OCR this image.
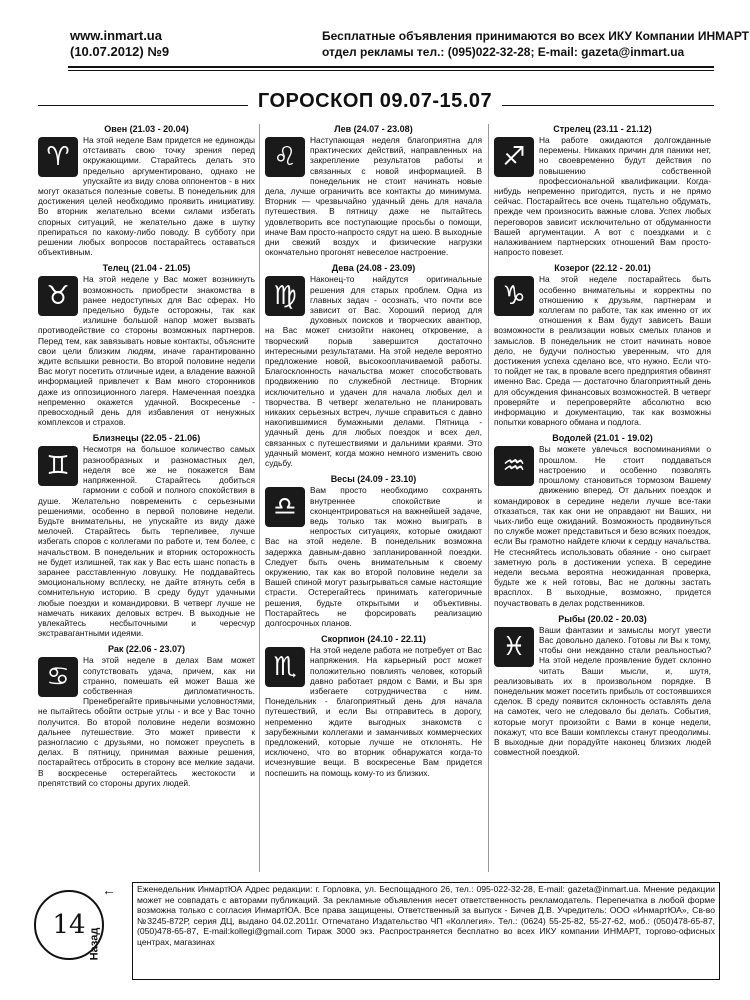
www.inmart.ua
(10.07.2012) №9
Бесплатные объявления принимаются во всех ИКУ Компании ИНМАРТ
отдел рекламы тел.: (095)022-32-28; E-mail: gazeta@inmart.ua
ГОРОСКОП 09.07-15.07
Овен (21.03 - 20.04)
♈

На этой неделе Вам придется не единожды отстаивать свою точку зрения перед окружающими. Старайтесь делать это предельно аргументировано, однако не упускайте из виду слова оппонентов - в них могут оказаться полезные советы. В понедельник для достижения целей необходимо проявить инициативу. Во вторник желательно всеми силами избегать спорных ситуаций, не желательно даже в шутку препираться по какому-либо поводу. В субботу при решении любых вопросов постарайтесь оставаться объективным.

Телец (21.04 - 21.05)
♉

На этой неделе у Вас может возникнуть возможность приобрести знакомства в ранее недоступных для Вас сферах. Но предельно будьте осторожны, так как излишне большой напор может вызвать противодействие со стороны возможных партнеров. Перед тем, как завязывать новые контакты, объясните свои цели близким людям, иначе гарантированно ждите вспышки ревности. Во второй половине недели Вас могут посетить отличные идеи, а владение важной информацией привлечет к Вам много сторонников даже из оппозиционного лагеря. Намеченная поездка непременно окажется удачной. Воскресенье - превосходный день для избавления от ненужных комплексов и страхов.

Близнецы (22.05 - 21.06)
♊

Несмотря на большое количество самых разнообразных и разномастных дел, неделя все же не покажется Вам напряженной. Старайтесь добиться гармонии с собой и полного спокойствия в душе. Желательно повременить с серьезными решениями, особенно в первой половине недели. Будьте внимательны, не упускайте из виду даже мелочей. Старайтесь быть терпеливее, лучше избегать споров с коллегами по работе и, тем более, с начальством. В понедельник и вторник осторожность не будет излишней, так как у Вас есть шанс попасть в заранее расставленную ловушку. Не поддавайтесь эмоциональному всплеску, не дайте втянуть себя в сомнительную историю. В среду будут удачными любые поездки и командировки. В четверг лучше не намечать никаких деловых встреч. В выходные не увлекайтесь несбыточными и чересчур экстравагантными идеями.

Рак (22.06 - 23.07)
♋

На этой неделе в делах Вам может сопутствовать удача, причем, как ни странно, помешать ей может Ваша же собственная дипломатичность. Пренебрегайте привычными условностями, не пытайтесь обойти острые углы - и все у Вас точно получится. Во второй половине недели возможно дальнее путешествие. Это может привести к разногласию с друзьями, но поможет преуспеть в делах. В пятницу, принимая важные решения, постарайтесь отбросить в сторону все мелкие задачи. В воскресенье остерегайтесь жестокости и препятствий со стороны других людей.

Лев (24.07 - 23.08)
♌

Наступающая неделя благоприятна для практических действий, направленных на закрепление результатов работы и связанных с новой информацией. В понедельник не стоит начинать новые дела, лучше ограничить все контакты до минимума. Вторник — чрезвычайно удачный день для начала путешествия. В пятницу даже не пытайтесь удовлетворить все поступающие просьбы о помощи, иначе Вам просто-напросто сядут на шею. В выходные дни свежий воздух и физические нагрузки окончательно прогонят невеселое настроение.

Дева (24.08 - 23.09)
♍

Наконец-то найдутся оригинальные решения для старых проблем. Одна из главных задач - осознать, что почти все зависит от Вас. Хороший период для духовных поисков и творческих авантюр, на Вас может снизойти наконец откровение, а творческий порыв завершится достаточно интересными результатами. На этой неделе вероятно предложение новой, высокооплачиваемой работы. Благосклонность начальства может способствовать продвижению по служебной лестнице. Вторник исключительно и удачен для начала любых дел и творчества. В четверг желательно не планировать никаких серьезных встреч, лучше справиться с давно накопившимися бумажными делами. Пятница - удачный день для любых поездок и всех дел, связанных с путешествиями и дальними краями. Это удачный момент, когда можно немного изменить свою судьбу.

Весы (24.09 - 23.10)
♎

Вам просто необходимо сохранять внутреннее спокойствие и сконцентрироваться на важнейшей задаче, ведь только так можно выиграть в непростых ситуациях, которые ожидают Вас на этой неделе. В понедельник возможна задержка давным-давно запланированной поездки. Следует быть очень внимательным к своему окружению, так как во второй половине недели за Вашей спиной могут разыгрываться самые настоящие страсти. Остерегайтесь принимать категоричные решения, будьте открытыми и объективны. Постарайтесь не форсировать реализацию долгосрочных планов.

Скорпион (24.10 - 22.11)
♏

На этой неделе работа не потребует от Вас напряжения. На карьерный рост может положительно повлиять человек, который давно работает рядом с Вами, и Вы зря избегаете сотрудничества с ним. Понедельник - благоприятный день для начала путешествий, и если Вы отправитесь в дорогу, непременно ждите выгодных знакомств с зарубежными коллегами и заманчивых коммерческих предложений, которые лучше не отклонять. Не исключено, что во вторник обнаружатся когда-то исчезнувшие вещи. В воскресенье Вам придется поспешить на помощь кому-то из близких.

Стрелец (23.11 - 21.12)
♐

На работе ожидаются долгожданные перемены. Никаких причин для паники нет, но своевременно будут действия по повышению собственной профессиональной квалификации. Когда-нибудь непременно пригодится, пусть и не прямо сейчас. Постарайтесь все очень тщательно обдумать, прежде чем произносить важные слова. Успех любых переговоров зависит исключительно от обдуманности Вашей аргументации. А вот с поездками и с налаживанием партнерских отношений Вам просто-напросто повезет.

Козерог (22.12 - 20.01)
♑

На этой неделе постарайтесь быть особенно внимательны и корректны по отношению к друзьям, партнерам и коллегам по работе, так как именно от их отношения к Вам будут зависеть Ваши возможности в реализации новых смелых планов и замыслов. В понедельник не стоит начинать новое дело, не будучи полностью уверенным, что для достижения успеха сделано все, что нужно. Если что-то пойдет не так, в провале всего предприятия обвинят именно Вас. Среда — достаточно благоприятный день для обсуждения финансовых возможностей. В четверг проверяйте и перепроверяйте абсолютно всю информацию и документацию, так как возможны попытки коварного обмана и подлога.

Водолей (21.01 - 19.02)
♒

Вы можете увлечься воспоминаниями о прошлом. Не стоит поддаваться настроению и особенно позволять прошлому становиться тормозом Вашему движению вперед. От дальних поездок и командировок в середине недели лучше все-таки отказаться, так как они не оправдают ни Ваших, ни чьих-либо еще ожиданий. Возможность продвинуться по службе может представиться и безо всяких поездок, если Вы грамотно найдете ключи к сердцу начальства. Не стесняйтесь использовать обаяние - оно сыграет заметную роль в достижении успеха. В середине недели весьма вероятна неожиданная проверка, будьте же к ней готовы, Вас не должны застать врасплох. В выходные, возможно, придется поучаствовать в делах родственников.

Рыбы (20.02 - 20.03)
♓

Ваши фантазии и замыслы могут увести Вас довольно далеко. Готовы ли Вы к тому, чтобы они нежданно стали реальностью? На этой неделе проявление будет склонно читать Ваши мысли, и, шутя, реализовывать их в произвольном порядке. В понедельник может посетить прибыль от состоявшихся сделок. В среду появится склонность оставлять дела на самотек, чего не следовало бы делать. События, которые могут произойти с Вами в конце недели, покажут, что все Ваши комплексы станут преодолимы. В выходные дни порадуйте наконец близких людей совместной поездкой.

14
←
Назад
Еженедельник ИнмартЮА Адрес редакции: г. Горловка, ул. Беспощадного 26, тел.: 095-022-32-28, E-mail: gazeta@inmart.ua. Мнение редакции может не совпадать с авторами публикаций. За рекламные объявления несет ответственность рекламодатель. Перепечатка в любой форме возможна только с согласия ИнмартЮА. Все права защищены. Ответственный за выпуск - Бичев Д.В. Учредитель: ООО «ИнмартЮА», Св-во №3245-872Р, серия ДЦ, выдано 04.02.2011г. Отпечатано Издательство ЧП «Коллегия». Тел.: (0624) 55-25-82, 55-27-62, моб.: (050)478-65-87, (050)478-65-87, E-mail:kollegi@gmail.com Тираж 3000 экз. Распространяется бесплатно во всех ИКУ компании ИНМАРТ, торгово-офисных центрах, магазинах
